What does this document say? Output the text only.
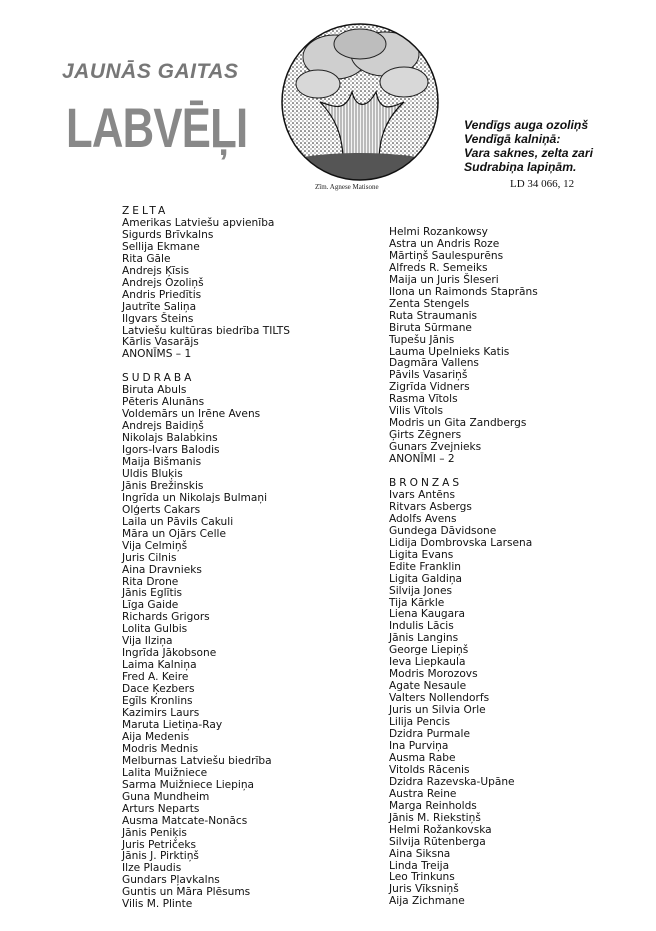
JAUNĀS GAITAS
LABVĒĻI
Zīm. Agnese Matisone
Vendīgs auga ozoliņš
Vendīgā kalniņā:
Vara saknes, zelta zari
Sudrabiņa lapiņām.
LD 34 066, 12
ZELTA
Amerikas Latviešu apvienība
Sigurds Brīvkalns
Sellija Ekmane
Rita Gāle
Andrejs Ķīsis
Andrejs Ozoliņš
Andris Priedītis
Jautrīte Saliņa
Ilgvars Šteins
Latviešu kultūras biedrība TILTS
Kārlis Vasarājs
ANONĪMS – 1
SUDRABA
Biruta Abuls
Pēteris Alunāns
Voldemārs un Irēne Avens
Andrejs Baidiņš
Nikolajs Balabkins
Igors-Ivars Balodis
Maija Bišmanis
Uldis Bluķis
Jānis Brežinskis
Ingrīda un Nikolajs Bulmaņi
Olģerts Cakars
Laila un Pāvils Cakuli
Māra un Ojārs Celle
Vija Celmiņš
Juris Cilnis
Aina Dravnieks
Rita Drone
Jānis Eglītis
Līga Gaide
Richards Grigors
Lolita Gulbis
Vija Ilziņa
Ingrīda Jākobsone
Laima Kalniņa
Fred A. Keire
Dace Ķezbers
Egīls Kronlins
Kazimirs Laurs
Maruta Lietiņa-Ray
Aija Medenis
Modris Mednis
Melburnas Latviešu biedrība
Lalita Muižniece
Sarma Muižniece Liepiņa
Guna Mundheim
Arturs Neparts
Ausma Matcate-Nonācs
Jānis Peniķis
Juris Petričeks
Jānis J. Pirktiņš
Ilze Plaudis
Gundars Pļavkalns
Guntis un Māra Plēsums
Vilis M. Plinte
Helmi Rozankowsy
Astra un Andris Roze
Mārtiņš Saulespurēns
Alfreds R. Semeiks
Maija un Juris Šleseri
Ilona un Raimonds Staprāns
Zenta Stengels
Ruta Straumanis
Biruta Sūrmane
Tupešu Jānis
Lauma Upelnieks Katis
Dagmāra Vallens
Pāvils Vasariņš
Zigrīda Vidners
Rasma Vītols
Vilis Vītols
Modris un Gita Zandbergs
Ģirts Zēgners
Gunars Zvejnieks
ANONĪMI – 2
BRONZAS
Ivars Antēns
Ritvars Asbergs
Adolfs Avens
Gundega Dāvidsone
Lidija Dombrovska Larsena
Ligita Evans
Edite Franklin
Ligita Galdiņa
Silvija Jones
Tija Kārkle
Liena Kaugara
Indulis Lācis
Jānis Langins
George Liepiņš
Ieva Liepkaula
Modris Morozovs
Agate Nesaule
Valters Nollendorfs
Juris un Silvia Orle
Lilija Pencis
Dzidra Purmale
Ina Purviņa
Ausma Rabe
Vitolds Rācenis
Dzidra Razevska-Upāne
Austra Reine
Marga Reinholds
Jānis M. Riekstiņš
Helmi Rožankovska
Silvija Rūtenberga
Aina Siksna
Linda Treija
Leo Trinkuns
Juris Vīksniņš
Aija Zichmane
